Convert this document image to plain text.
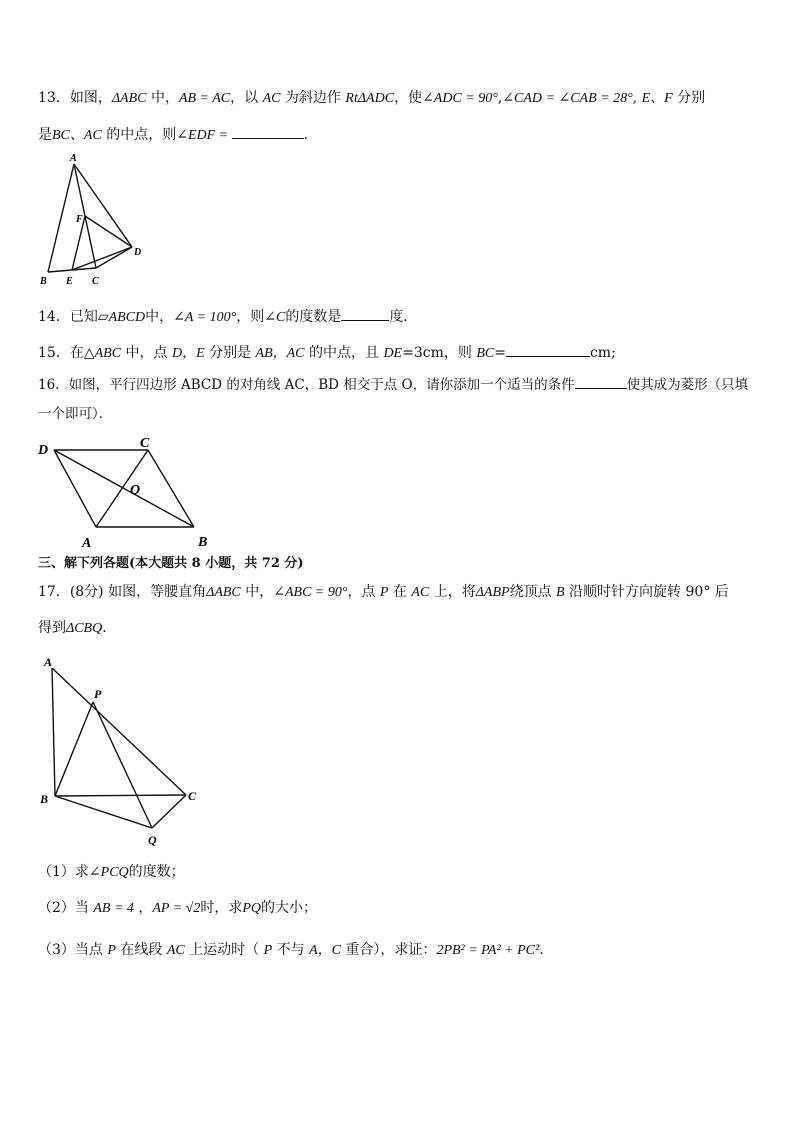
13．如图，ΔABC 中，AB = AC，以 AC 为斜边作 RtΔADC，使∠ADC = 90°,∠CAD = ∠CAB = 28°, E、F 分别
是BC、AC 的中点，则∠EDF =	．
A
B E C
F
D
14．已知▱ABCD中，∠A = 100°，则∠C的度数是	度．
15．在△ABC 中，点 D，E 分别是 AB，AC 的中点，且 DE=3cm，则 BC=	cm;
16．如图，平行四边形 ABCD 的对角线 AC，BD 相交于点 O，请你添加一个适当的条件	使其成为菱形（只填
一个即可）．
D	C
O
A	B
三、解下列各题(本大题共 8 小题，共 72 分)
17．(8分) 如图，等腰直角ΔABC 中，∠ABC = 90°，点 P 在 AC 上，将ΔABP绕顶点 B 沿顺时针方向旋转 90° 后
得到ΔCBQ．
A
P
B	C
Q
（1）求∠PCQ的度数；
（2）当 AB = 4 ，AP = √2时，求PQ的大小；
（3）当点 P 在线段 AC 上运动时（ P 不与 A，C 重合），求证：2PB² = PA² + PC².
